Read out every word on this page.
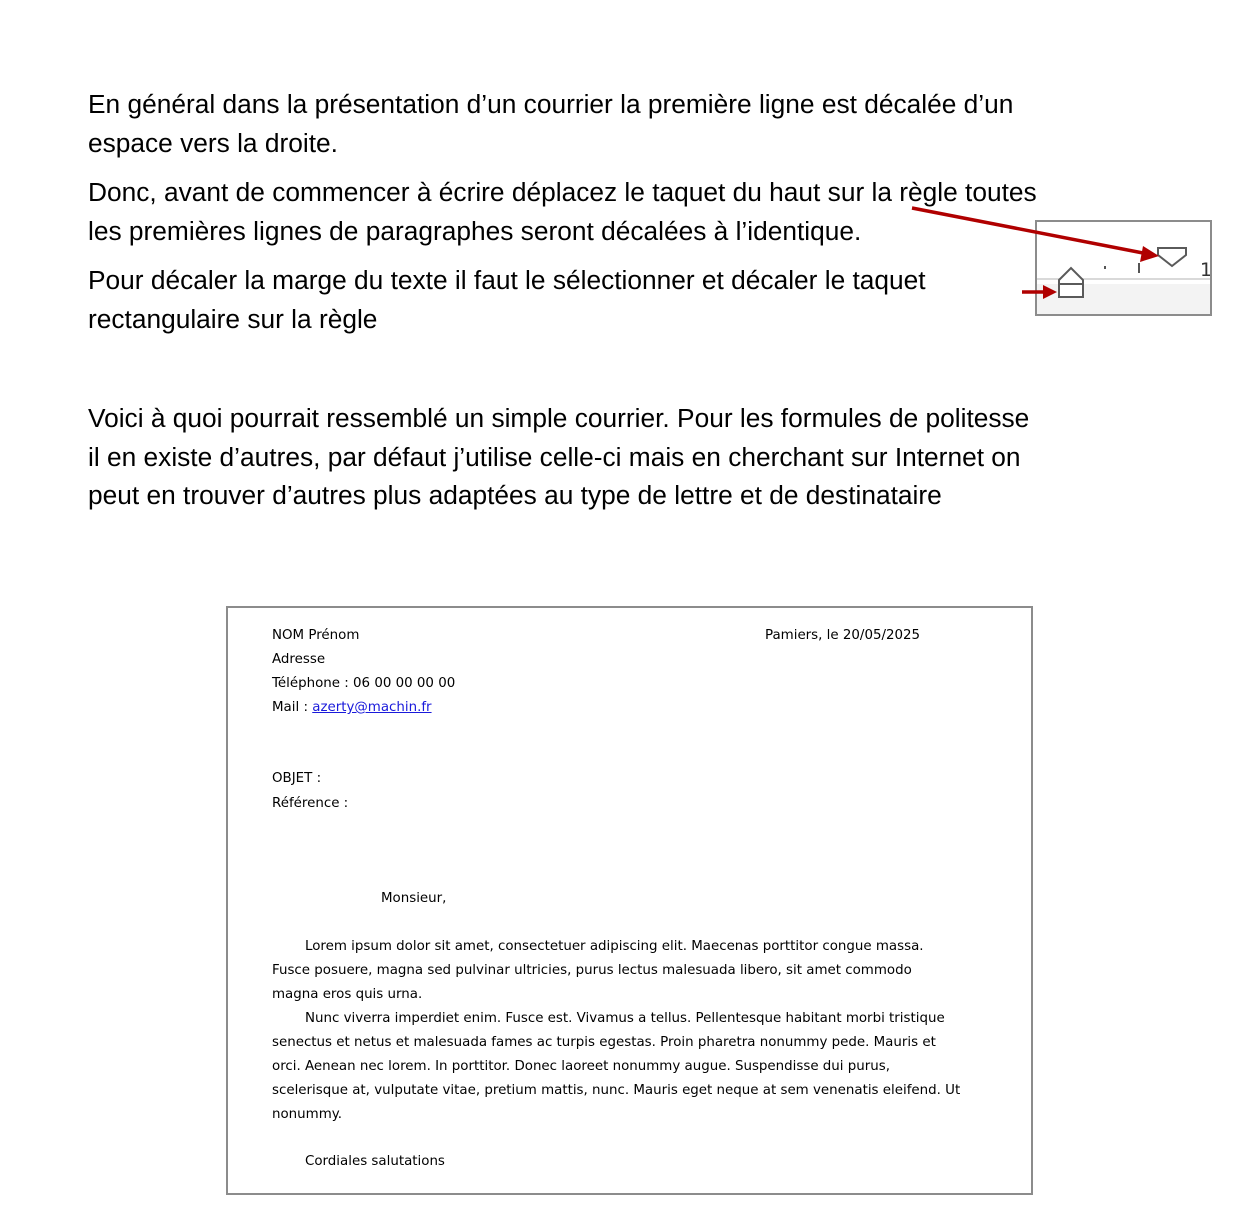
En général dans la présentation d’un courrier la première ligne est décalée d’un
espace vers la droite.
Donc, avant de commencer à écrire déplacez le taquet du haut sur la règle toutes
les premières lignes de paragraphes seront décalées à l’identique.
Pour décaler la marge du texte il faut le sélectionner et décaler le taquet
rectangulaire sur la règle
Voici à quoi pourrait ressemblé un simple courrier. Pour les formules de politesse
il en existe d’autres, par défaut j’utilise celle-ci mais en cherchant sur Internet on
peut en trouver d’autres plus adaptées au type de lettre et de destinataire
1
NOM Prénom
Adresse
Téléphone : 06 00 00 00 00
Mail : azerty@machin.fr
Pamiers, le 20/05/2025
OBJET :
Référence :
Monsieur,
Lorem ipsum dolor sit amet, consectetuer adipiscing elit. Maecenas porttitor congue massa.
Fusce posuere, magna sed pulvinar ultricies, purus lectus malesuada libero, sit amet commodo
magna eros quis urna.
Nunc viverra imperdiet enim. Fusce est. Vivamus a tellus. Pellentesque habitant morbi tristique
senectus et netus et malesuada fames ac turpis egestas. Proin pharetra nonummy pede. Mauris et
orci. Aenean nec lorem. In porttitor. Donec laoreet nonummy augue. Suspendisse dui purus,
scelerisque at, vulputate vitae, pretium mattis, nunc. Mauris eget neque at sem venenatis eleifend. Ut
nonummy.
Cordiales salutations
